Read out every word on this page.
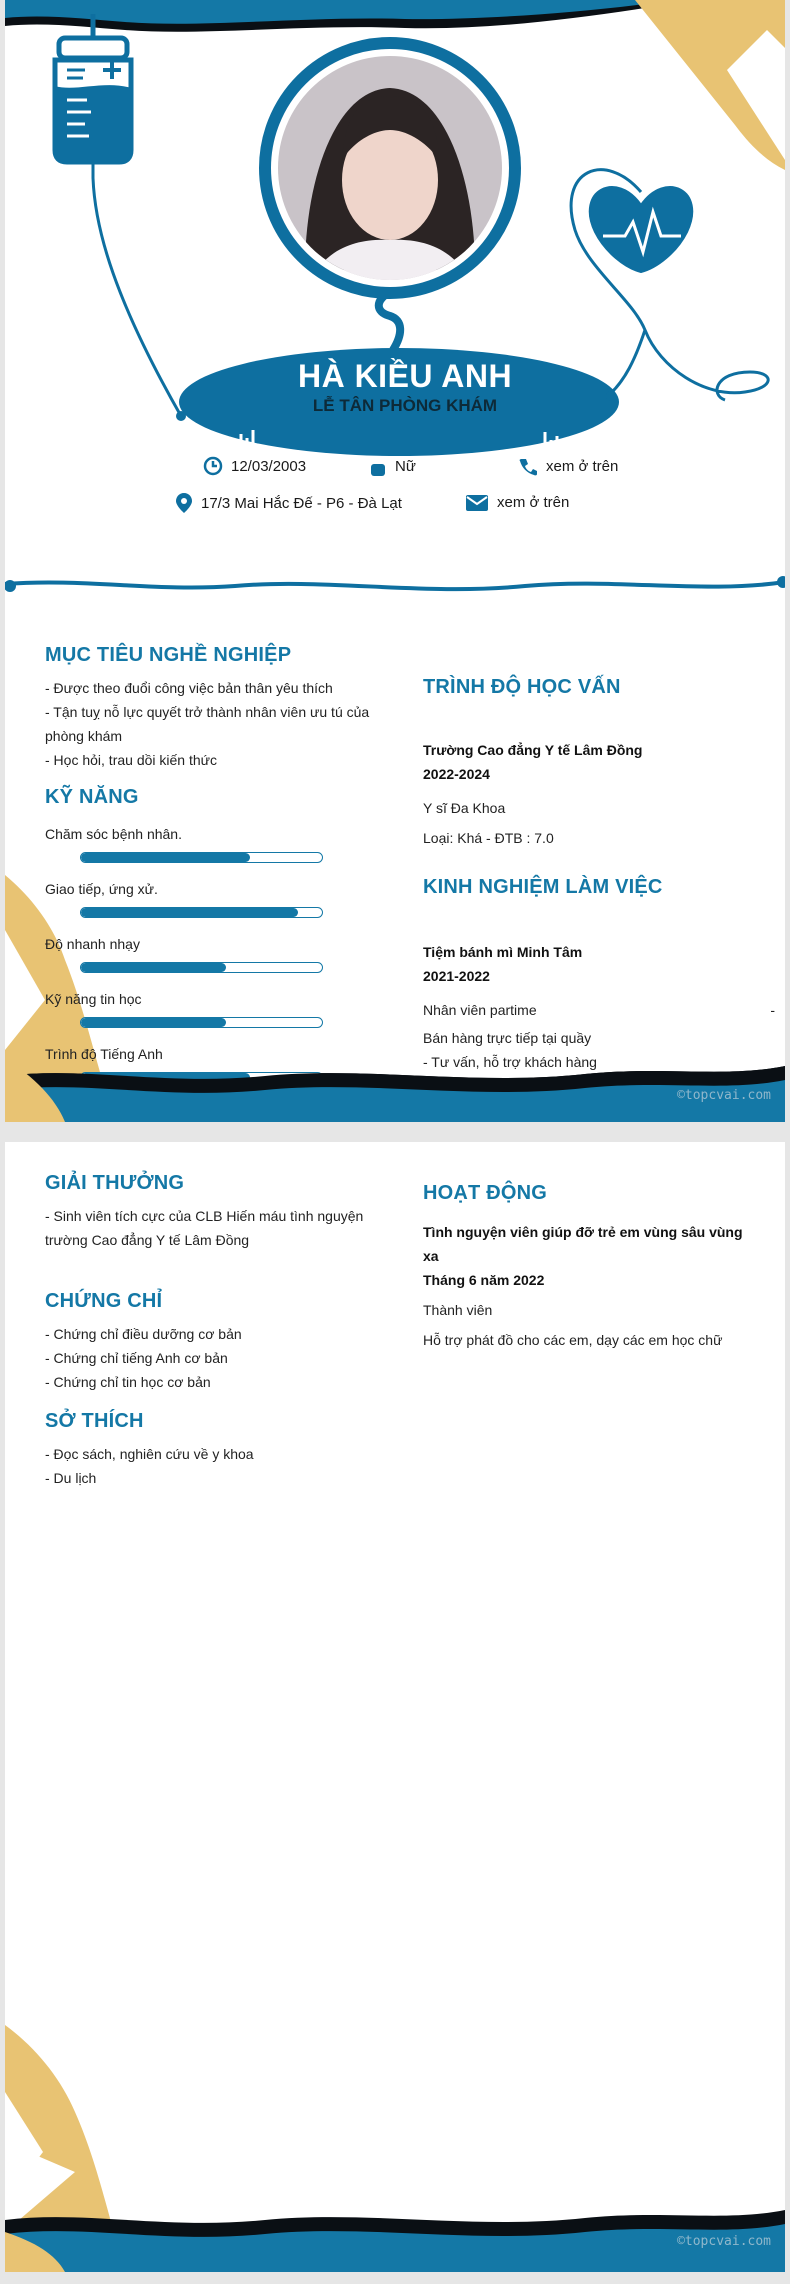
HÀ KIỀU ANH
LỄ TÂN PHÒNG KHÁM
12/03/2003	Nữ	xem ở trên
17/3 Mai Hắc Đế - P6 - Đà Lạt	xem ở trên
MỤC TIÊU NGHỀ NGHIỆP

- Được theo đuổi công việc bản thân yêu thích

- Tận tuỵ nỗ lực quyết trở thành nhân viên ưu tú của

phòng khám

- Học hỏi, trau dồi kiến thức

KỸ NĂNG
Chăm sóc bệnh nhân.
Giao tiếp, ứng xử.
Độ nhanh nhạy
Kỹ năng tin học
Trình độ Tiếng Anh
TRÌNH ĐỘ HỌC VẤN

Trường Cao đẳng Y tế Lâm Đồng

2022-2024

Y sĩ Đa Khoa

Loại: Khá - ĐTB : 7.0

KINH NGHIỆM LÀM VIỆC

Tiệm bánh mì Minh Tâm

2021-2022

Nhân viên partime	-

Bán hàng trực tiếp tại quầy

- Tư vấn, hỗ trợ khách hàng

©topcvai.com
GIẢI THƯỞNG

- Sinh viên tích cực của CLB Hiến máu tình nguyện

trường Cao đẳng Y tế Lâm Đồng

CHỨNG CHỈ

- Chứng chỉ điều dưỡng cơ bản

- Chứng chỉ tiếng Anh cơ bản

- Chứng chỉ tin học cơ bản

SỞ THÍCH

- Đọc sách, nghiên cứu về y khoa

- Du lịch

HOẠT ĐỘNG

Tình nguyện viên giúp đỡ trẻ em vùng sâu vùng

xa

Tháng 6 năm 2022

Thành viên

Hỗ trợ phát đồ cho các em, dạy các em học chữ

©topcvai.com
